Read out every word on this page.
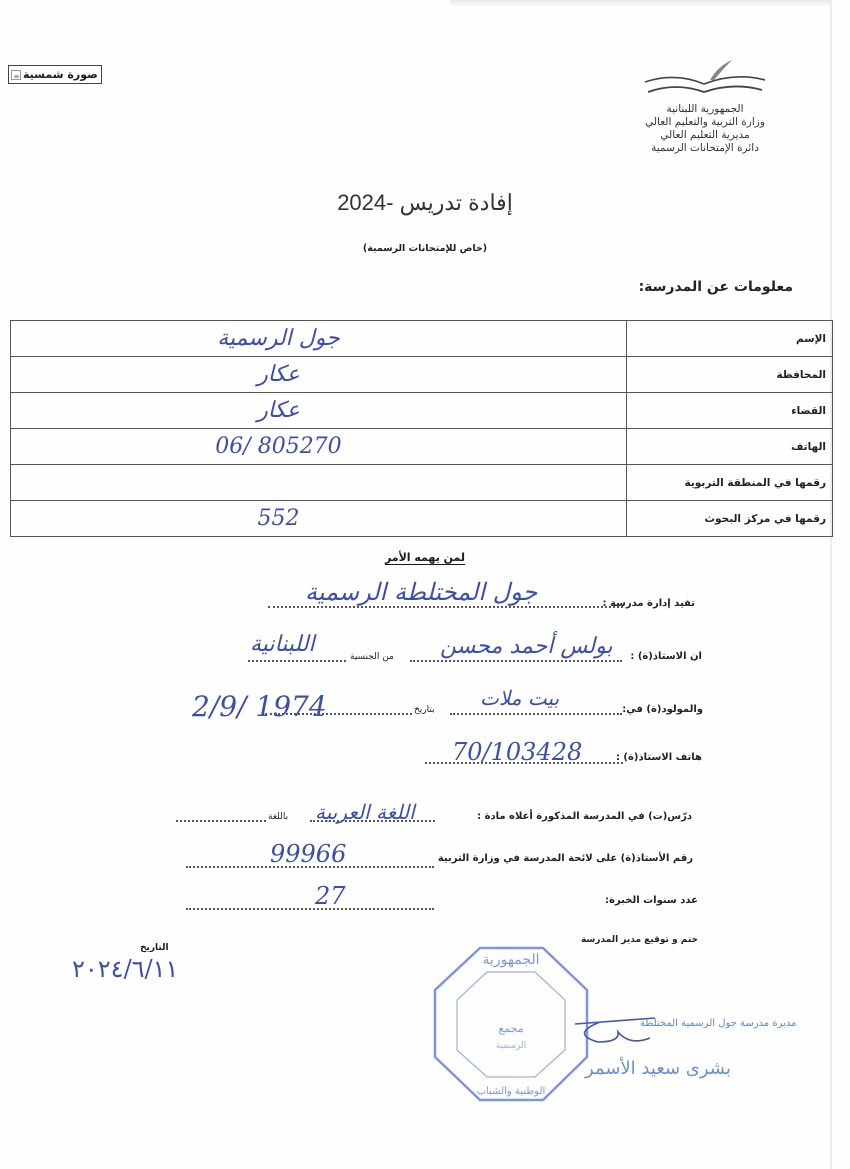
صورة شمسية
الجمهورية اللبنانية
وزارة التربية والتعليم العالي
مديرية التعليم العالي
دائرة الإمتحانات الرسمية
إفادة تدريس -2024
(خاص للإمتحانات الرسمية)
معلومات عن المدرسة:
الإسم	جول الرسمية
المحافظة	عكار
القضاء	عكار
الهاتف	06/ 805270
رقمها في المنطقة التربوية	
رقمها في مركز البحوث	552
لمن يهمه الأمر
تفيد إدارة مدرسة :
جول المختلطة الرسمية
ان الاستاذ(ة) :
بولس أحمد محسن
من الجنسية
اللبنانية
والمولود(ة) في:
بيت ملات
بتاريخ
2/9/ 1974
هاتف الاستاذ(ة) :
70/103428
درّس(ت) في المدرسة المذكورة أعلاه مادة :
اللغة العربية
باللغة
رقم الأستاذ(ة) على لائحة المدرسة في وزارة التربية
99966
عدد سنوات الخبرة:
27
ختم و توقيع مدير المدرسة
التاريخ
٢٠٢٤/٦/١١	الجمهورية
الوطنية والشباب
مجمع
الرسمية
مديرة مدرسة جول الرسمية المختلطة
بشرى سعيد الأسمر
